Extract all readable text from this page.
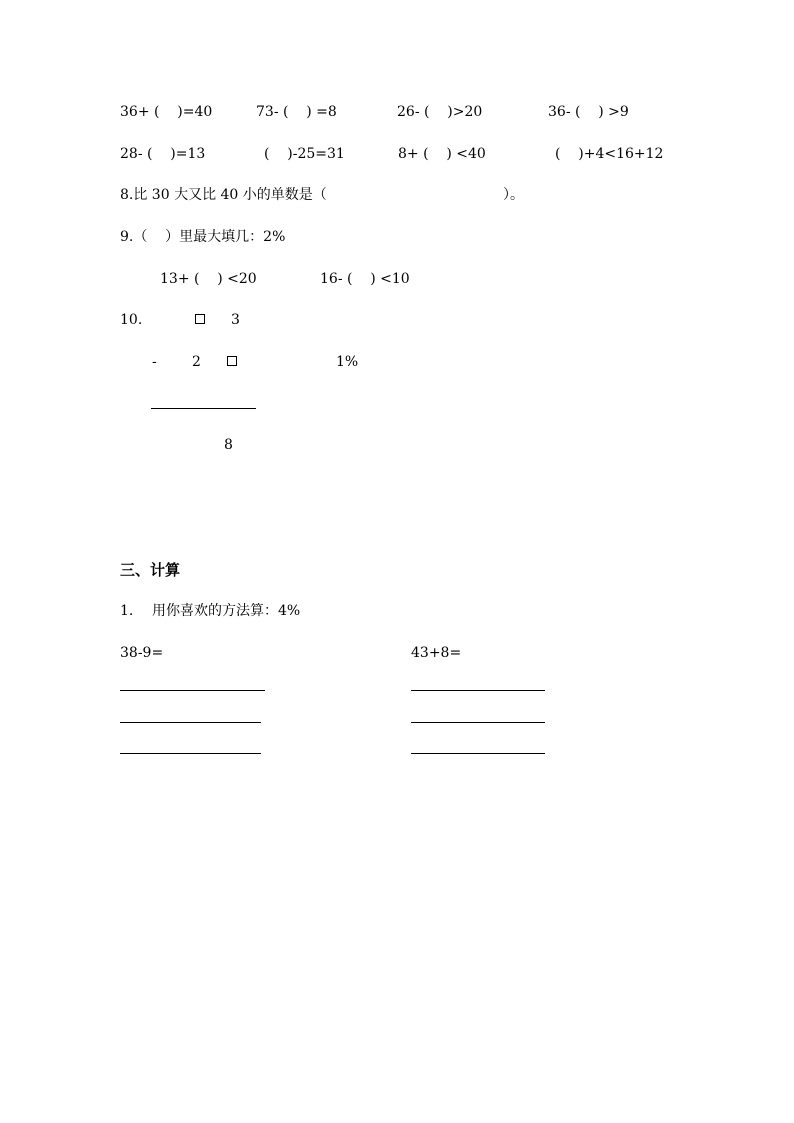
36+ (    )=40	73- (    ) =8	26- (    )>20	36- (    ) >9
28- (    )=13	(    )-25=31	8+ (    ) <40	(    )+4<16+12
8.比 30 大又比 40 小的单数是（	）。
9.（    ）里最大填几：2%
13+ (    ) <20	16- (    ) <10
10.	3
-	2	1%
8
三、计算
1. 用你喜欢的方法算：4%
38-9=	43+8=
